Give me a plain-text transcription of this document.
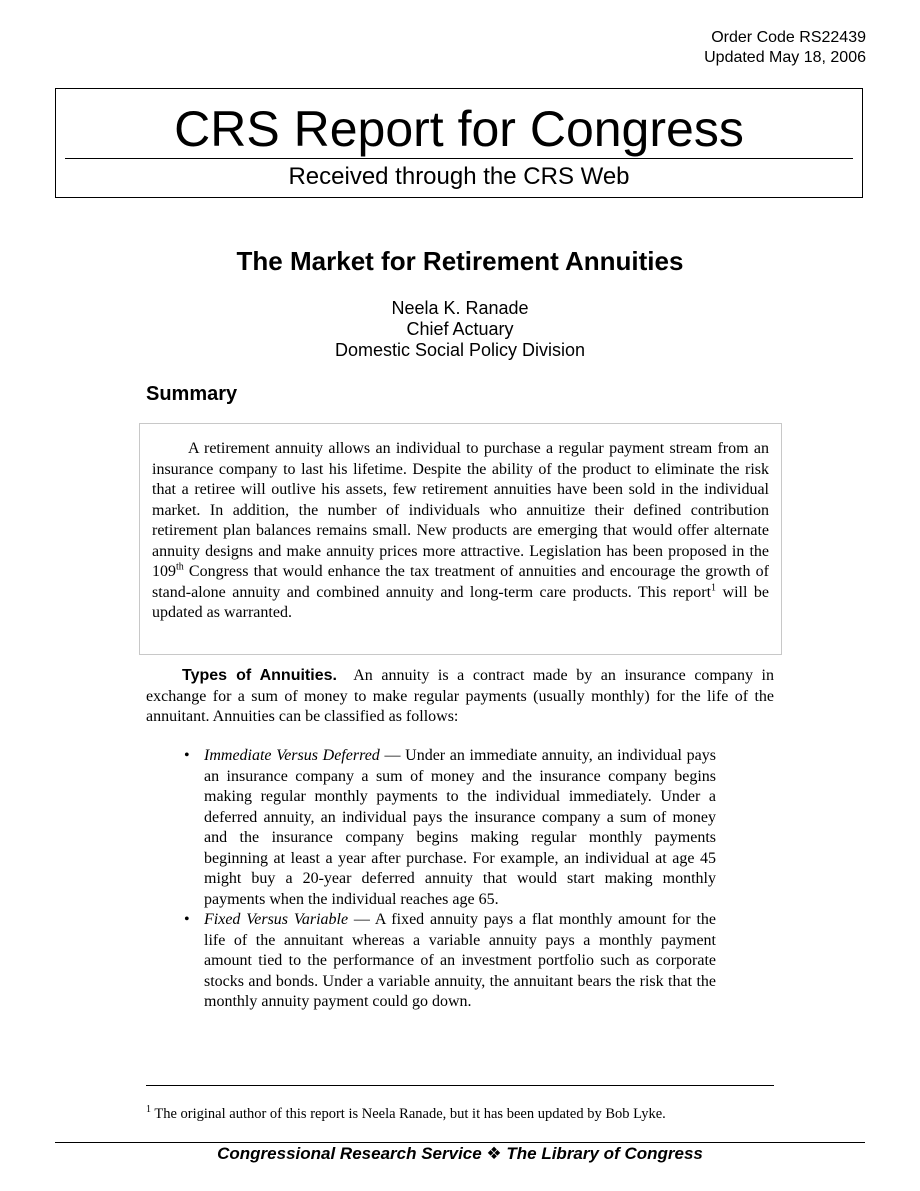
Order Code RS22439
Updated May 18, 2006
CRS Report for Congress
Received through the CRS Web
The Market for Retirement Annuities
Neela K. Ranade
Chief Actuary
Domestic Social Policy Division
Summary

A retirement annuity allows an individual to purchase a regular payment stream from an insurance company to last his lifetime. Despite the ability of the product to eliminate the risk that a retiree will outlive his assets, few retirement annuities have been sold in the individual market. In addition, the number of individuals who annuitize their defined contribution retirement plan balances remains small. New products are emerging that would offer alternate annuity designs and make annuity prices more attractive. Legislation has been proposed in the 109th Congress that would enhance the tax treatment of annuities and encourage the growth of stand-alone annuity and combined annuity and long-term care products. This report$^1$ will be updated as warranted.

Types of Annuities. An annuity is a contract made by an insurance company in exchange for a sum of money to make regular payments (usually monthly) for the life of the annuitant. Annuities can be classified as follows:

• Immediate Versus Deferred — Under an immediate annuity, an individual pays an insurance company a sum of money and the insurance company begins making regular monthly payments to the individual immediately. Under a deferred annuity, an individual pays the insurance company a sum of money and the insurance company begins making regular monthly payments beginning at least a year after purchase. For example, an individual at age 45 might buy a 20-year deferred annuity that would start making monthly payments when the individual reaches age 65.
• Fixed Versus Variable — A fixed annuity pays a flat monthly amount for the life of the annuitant whereas a variable annuity pays a monthly payment amount tied to the performance of an investment portfolio such as corporate stocks and bonds. Under a variable annuity, the annuitant bears the risk that the monthly annuity payment could go down.
$^1$ The original author of this report is Neela Ranade, but it has been updated by Bob Lyke.
Congressional Research Service ❖ The Library of Congress
